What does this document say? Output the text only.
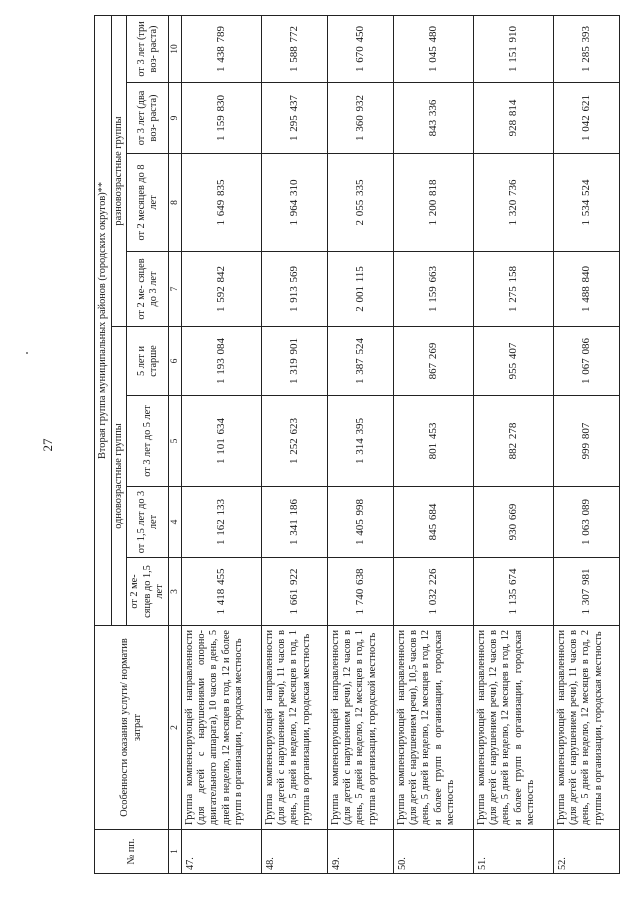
27
№ пп.	Особенности оказания услуги/ норматив затрат	Вторая группа муниципальных районов (городских округов)**							
		одновозрастные группы				разновозрастные группы			
		от 2 ме- сяцев до 1,5 лет	от 1,5 лет до 3 лет	от 3 лет до 5 лет	5 лет и старше	от 2 ме- сяцев до 3 лет	от 2 месяцев до 8 лет	от 3 лет (два воз- раста)	от 3 лет (три воз- раста)
1	2	3	4	5	6	7	8	9	10
47.	Группа компенсирующей направленности (для детей с нарушениями опорно-двигательного аппарата), 10 часов в день, 5 дней в неделю, 12 месяцев в год, 12 и более групп в организации, городская местность	1 418 455	1 162 133	1 101 634	1 193 084	1 592 842	1 649 835	1 159 830	1 438 789
48.	Группа компенсирующей направленности (для детей с нарушением речи), 11 часов в день, 5 дней в неделю, 12 месяцев в год, 1 группа в организации, городская местность	1 661 922	1 341 186	1 252 623	1 319 901	1 913 569	1 964 310	1 295 437	1 588 772
49.	Группа компенсирующей направленности (для детей с нарушением речи), 12 часов в день, 5 дней в неделю, 12 месяцев в год, 1 группа в организации, городской местность	1 740 638	1 405 998	1 314 395	1 387 524	2 001 115	2 055 335	1 360 932	1 670 450
50.	Группа компенсирующей направленности (для детей с нарушением речи), 10,5 часов в день, 5 дней в неделю, 12 месяцев в год, 12 и более групп в организации, городская местность	1 032 226	845 684	801 453	867 269	1 159 663	1 200 818	843 336	1 045 480
51.	Группа компенсирующей направленности (для детей с нарушением речи), 12 часов в день, 5 дней в неделю, 12 месяцев в год, 12 и более групп в организации, городская местность	1 135 674	930 669	882 278	955 407	1 275 158	1 320 736	928 814	1 151 910
52.	Группа компенсирующей направленности (для детей с нарушением речи), 11 часов в день, 5 дней в неделю, 12 месяцев в год, 2 группы в организации, городская местность	1 307 981	1 063 089	999 807	1 067 086	1 488 840	1 534 524	1 042 621	1 285 393
